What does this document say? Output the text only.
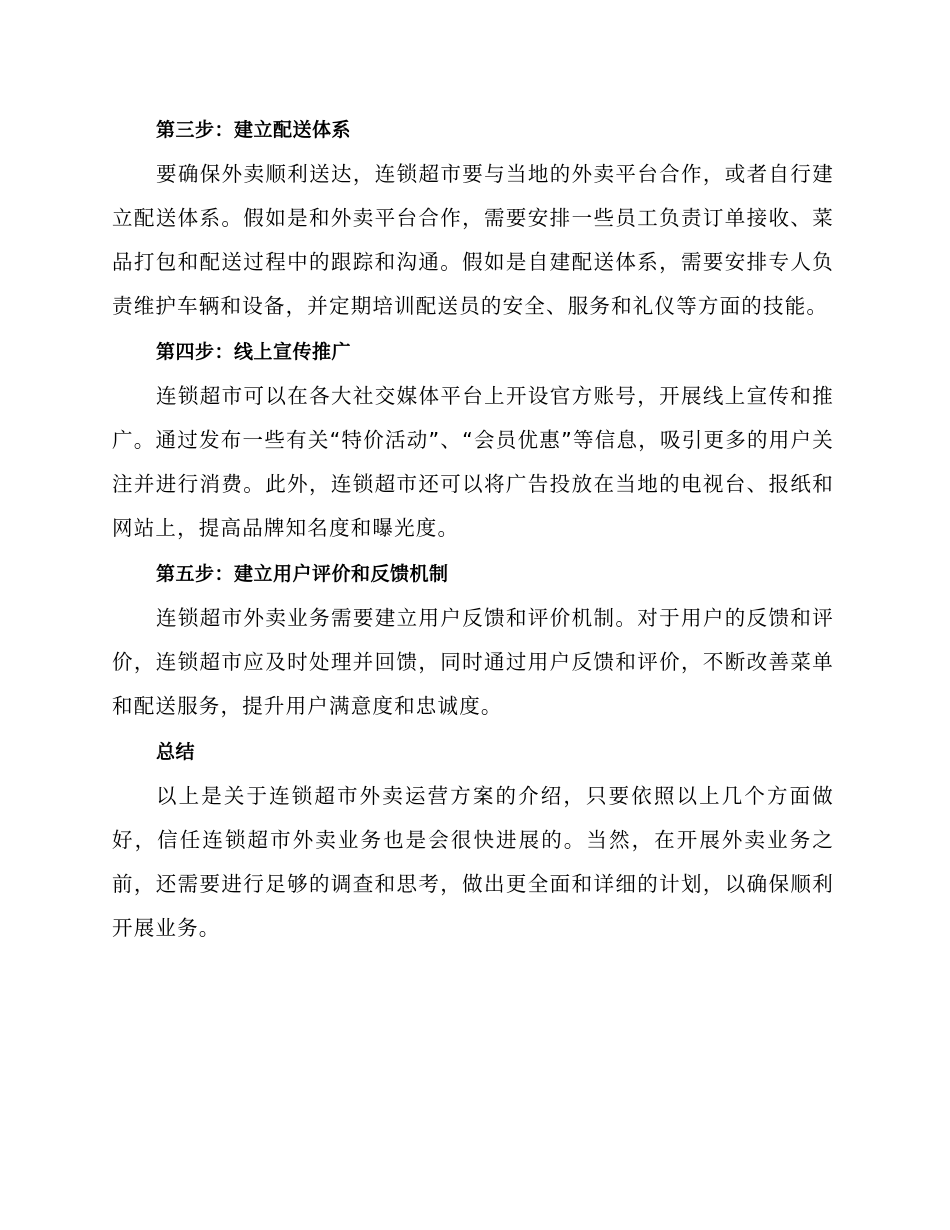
第三步：建立配送体系

要确保外卖顺利送达，连锁超市要与当地的外卖平台合作，或者自行建立配送体系。假如是和外卖平台合作，需要安排一些员工负责订单接收、菜品打包和配送过程中的跟踪和沟通。假如是自建配送体系，需要安排专人负责维护车辆和设备，并定期培训配送员的安全、服务和礼仪等方面的技能。

第四步：线上宣传推广

连锁超市可以在各大社交媒体平台上开设官方账号，开展线上宣传和推广。通过发布一些有关“特价活动”、“会员优惠”等信息，吸引更多的用户关注并进行消费。此外，连锁超市还可以将广告投放在当地的电视台、报纸和网站上，提高品牌知名度和曝光度。

第五步：建立用户评价和反馈机制

连锁超市外卖业务需要建立用户反馈和评价机制。对于用户的反馈和评价，连锁超市应及时处理并回馈，同时通过用户反馈和评价，不断改善菜单和配送服务，提升用户满意度和忠诚度。

总结

以上是关于连锁超市外卖运营方案的介绍，只要依照以上几个方面做好，信任连锁超市外卖业务也是会很快进展的。当然，在开展外卖业务之前，还需要进行足够的调查和思考，做出更全面和详细的计划，以确保顺利开展业务。
